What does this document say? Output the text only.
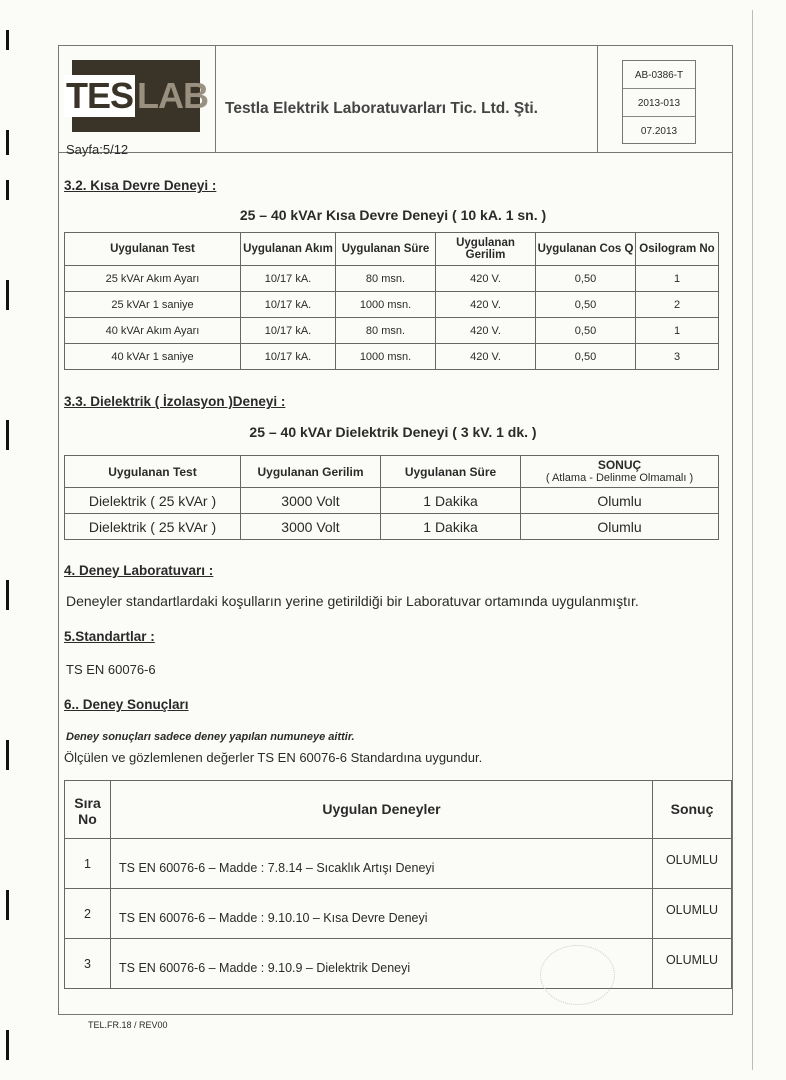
TES LAB
Sayfa:5/12
Testla Elektrik Laboratuvarları Tic. Ltd. Şti.
AB-0386-T
2013-013
07.2013
3.2. Kısa Devre Deneyi :
25 – 40 kVAr Kısa Devre Deneyi ( 10 kA. 1 sn. )
Uygulanan Test	Uygulanan Akım	Uygulanan Süre	Uygulanan Gerilim	Uygulanan Cos Q	Osilogram No
25 kVAr Akım Ayarı	10/17 kA.	80 msn.	420 V.	0,50	1
25 kVAr 1 saniye	10/17 kA.	1000 msn.	420 V.	0,50	2
40 kVAr Akım Ayarı	10/17 kA.	80 msn.	420 V.	0,50	1
40 kVAr 1 saniye	10/17 kA.	1000 msn.	420 V.	0,50	3
3.3. Dielektrik ( İzolasyon )Deneyi :
25 – 40 kVAr Dielektrik Deneyi ( 3 kV. 1 dk. )
Uygulanan Test	Uygulanan Gerilim	Uygulanan Süre	SONUÇ
( Atlama - Delinme Olmamalı )
Dielektrik ( 25 kVAr )	3000 Volt	1 Dakika	Olumlu
Dielektrik ( 25 kVAr )	3000 Volt	1 Dakika	Olumlu
4. Deney Laboratuvarı :
Deneyler standartlardaki koşulların yerine getirildiği bir Laboratuvar ortamında uygulanmıştır.
5.Standartlar :
TS EN 60076-6
6.. Deney Sonuçları
Deney sonuçları sadece deney yapılan numuneye aittir.
Ölçülen ve gözlemlenen değerler TS EN 60076-6 Standardına uygundur.
Sıra No	Uygulan Deneyler	Sonuç
1	TS EN 60076-6 – Madde : 7.8.14 – Sıcaklık Artışı Deneyi	OLUMLU
2	TS EN 60076-6 – Madde : 9.10.10 – Kısa Devre Deneyi	OLUMLU
3	TS EN 60076-6 – Madde : 9.10.9 – Dielektrik Deneyi	OLUMLU
TEL.FR.18 / REV00
